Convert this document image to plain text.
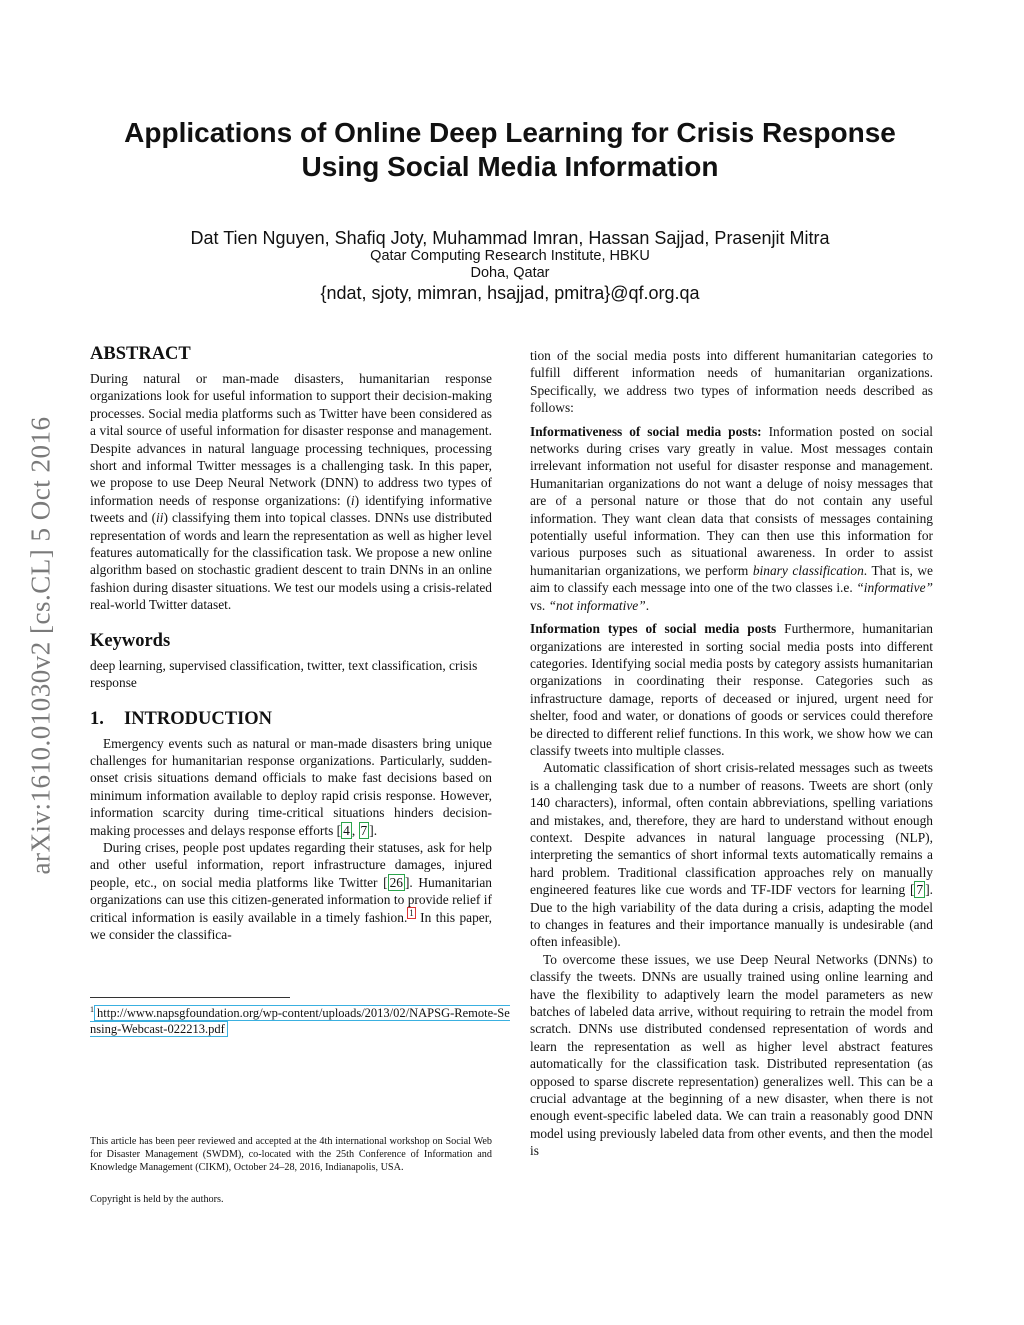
arXiv:1610.01030v2 [cs.CL] 5 Oct 2016
Applications of Online Deep Learning for Crisis Response
Using Social Media Information
Dat Tien Nguyen, Shafiq Joty, Muhammad Imran, Hassan Sajjad, Prasenjit Mitra
Qatar Computing Research Institute, HBKU
Doha, Qatar
{ndat, sjoty, mimran, hsajjad, pmitra}@qf.org.qa
ABSTRACT

During natural or man-made disasters, humanitarian response organizations look for useful information to support their decision-making processes. Social media platforms such as Twitter have been considered as a vital source of useful information for disaster response and management. Despite advances in natural language processing techniques, processing short and informal Twitter messages is a challenging task. In this paper, we propose to use Deep Neural Network (DNN) to address two types of information needs of response organizations: (i) identifying informative tweets and (ii) classifying them into topical classes. DNNs use distributed representation of words and learn the representation as well as higher level features automatically for the classification task. We propose a new online algorithm based on stochastic gradient descent to train DNNs in an online fashion during disaster situations. We test our models using a crisis-related real-world Twitter dataset.

Keywords

deep learning, supervised classification, twitter, text classification, crisis response

1. INTRODUCTION

Emergency events such as natural or man-made disasters bring unique challenges for humanitarian response organizations. Particularly, sudden-onset crisis situations demand officials to make fast decisions based on minimum information available to deploy rapid crisis response. However, information scarcity during time-critical situations hinders decision-making processes and delays response efforts [ 4 , 7 ].

During crises, people post updates regarding their statuses, ask for help and other useful information, report infrastructure damages, injured people, etc., on social media platforms like Twitter [ 26 ]. Humanitarian organizations can use this citizen-generated information to provide relief if critical information is easily available in a timely fashion. $^1$ In this paper, we consider the classifica-

$^1$ http://www.napsgfoundation.org/wp-content/uploads/2013/02/NAPSG-Remote-Sensing-Webcast-022213.pdf
This article has been peer reviewed and accepted at the 4th international workshop on Social Web for Disaster Management (SWDM), co-located with the 25th Conference of Information and Knowledge Management (CIKM), October 24–28, 2016, Indianapolis, USA.
Copyright is held by the authors.

tion of the social media posts into different humanitarian categories to fulfill different information needs of humanitarian organizations. Specifically, we address two types of information needs described as follows:

Informativeness of social media posts: Information posted on social networks during crises vary greatly in value. Most messages contain irrelevant information not useful for disaster response and management. Humanitarian organizations do not want a deluge of noisy messages that are of a personal nature or those that do not contain any useful information. They want clean data that consists of messages containing potentially useful information. They can then use this information for various purposes such as situational awareness. In order to assist humanitarian organizations, we perform binary classification. That is, we aim to classify each message into one of the two classes i.e. “informative” vs. “not informative”.

Information types of social media posts Furthermore, humanitarian organizations are interested in sorting social media posts into different categories. Identifying social media posts by category assists humanitarian organizations in coordinating their response. Categories such as infrastructure damage, reports of deceased or injured, urgent need for shelter, food and water, or donations of goods or services could therefore be directed to different relief functions. In this work, we show how we can classify tweets into multiple classes.

Automatic classification of short crisis-related messages such as tweets is a challenging task due to a number of reasons. Tweets are short (only 140 characters), informal, often contain abbreviations, spelling variations and mistakes, and, therefore, they are hard to understand without enough context. Despite advances in natural language processing (NLP), interpreting the semantics of short informal texts automatically remains a hard problem. Traditional classification approaches rely on manually engineered features like cue words and TF-IDF vectors for learning [ 7 ]. Due to the high variability of the data during a crisis, adapting the model to changes in features and their importance manually is undesirable (and often infeasible).

To overcome these issues, we use Deep Neural Networks (DNNs) to classify the tweets. DNNs are usually trained using online learning and have the flexibility to adaptively learn the model parameters as new batches of labeled data arrive, without requiring to retrain the model from scratch. DNNs use distributed condensed representation of words and learn the representation as well as higher level abstract features automatically for the classification task. Distributed representation (as opposed to sparse discrete representation) generalizes well. This can be a crucial advantage at the beginning of a new disaster, when there is not enough event-specific labeled data. We can train a reasonably good DNN model using previously labeled data from other events, and then the model is
